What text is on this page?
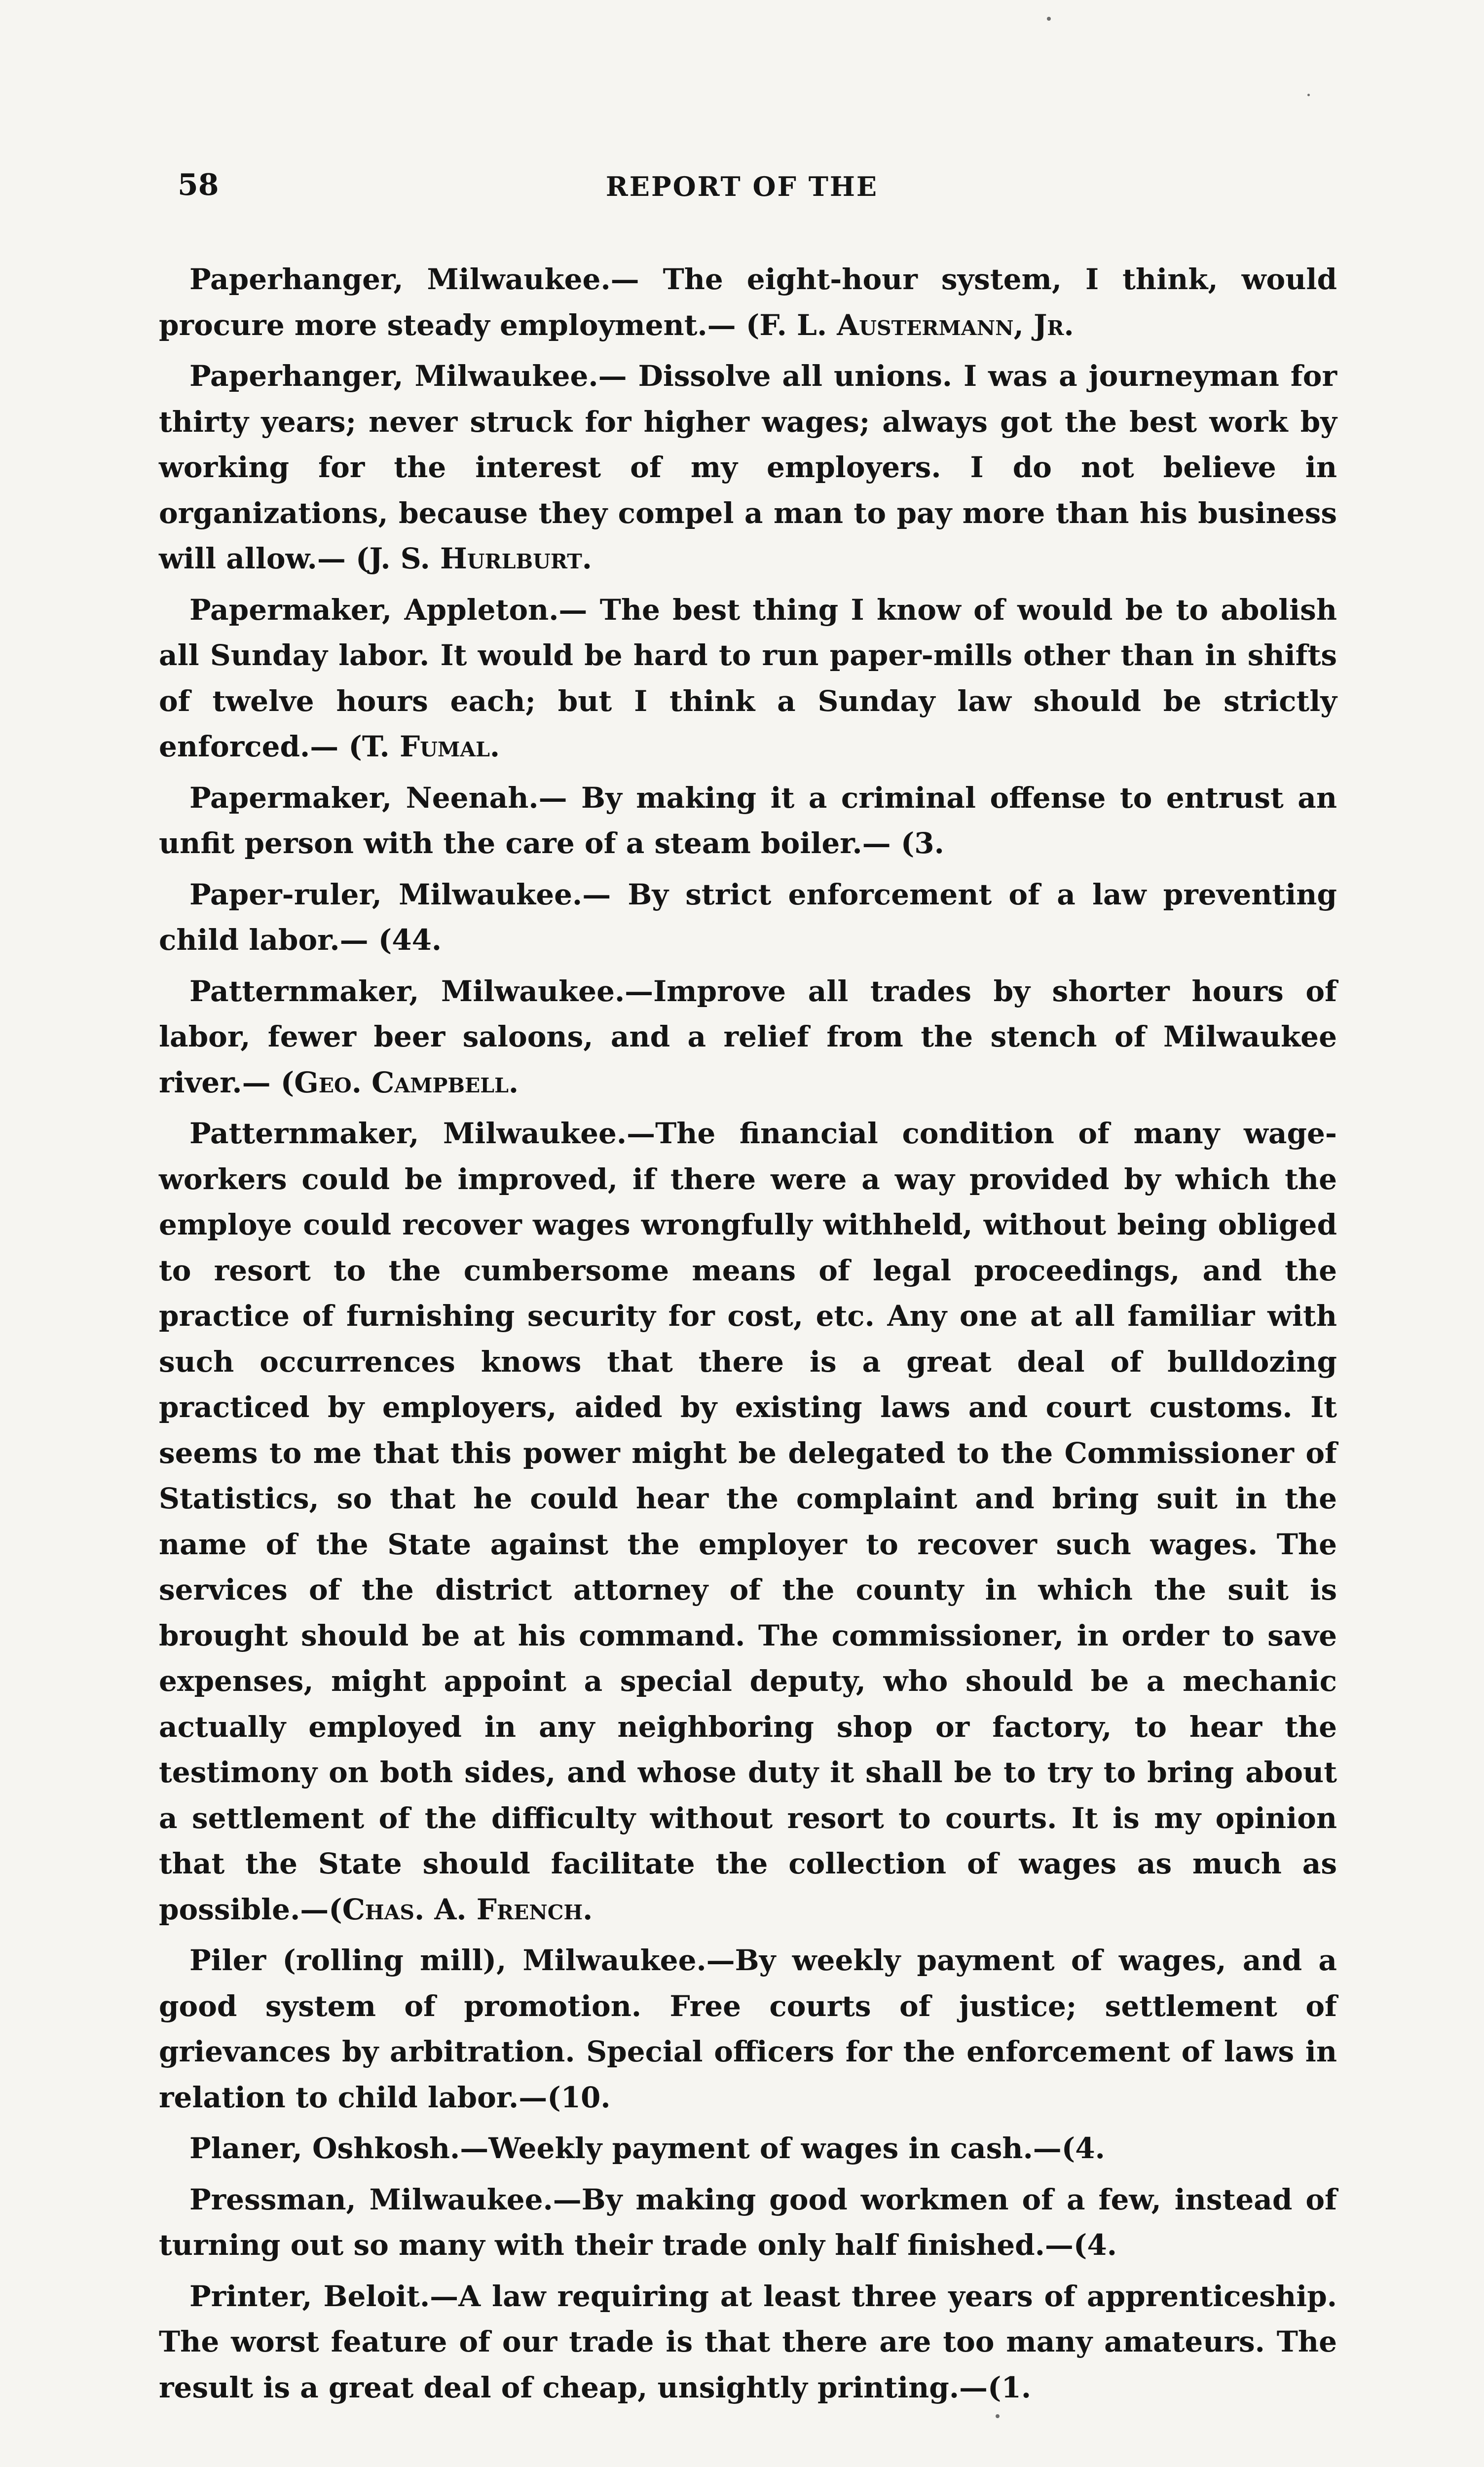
58	REPORT OF THE

Paperhanger, Milwaukee.— The eight-hour system, I think, would procure more steady employment.— (F. L. Austermann, Jr.

Paperhanger, Milwaukee.— Dissolve all unions. I was a journeyman for thirty years; never struck for higher wages; always got the best work by working for the interest of my employers. I do not believe in organizations, because they compel a man to pay more than his business will allow.— (J. S. Hurlburt.

Papermaker, Appleton.— The best thing I know of would be to abolish all Sunday labor. It would be hard to run paper-mills other than in shifts of twelve hours each; but I think a Sunday law should be strictly enforced.— (T. Fumal.

Papermaker, Neenah.— By making it a criminal offense to entrust an unfit person with the care of a steam boiler.— (3.

Paper-ruler, Milwaukee.— By strict enforcement of a law preventing child labor.— (44.

Patternmaker, Milwaukee.—Improve all trades by shorter hours of labor, fewer beer saloons, and a relief from the stench of Milwaukee river.— (Geo. Campbell.

Patternmaker, Milwaukee.—The financial condition of many wage-workers could be improved, if there were a way provided by which the employe could recover wages wrongfully withheld, without being obliged to resort to the cumbersome means of legal proceedings, and the practice of furnishing security for cost, etc. Any one at all familiar with such occurrences knows that there is a great deal of bulldozing practiced by employers, aided by existing laws and court customs. It seems to me that this power might be delegated to the Commissioner of Statistics, so that he could hear the complaint and bring suit in the name of the State against the employer to recover such wages. The services of the district attorney of the county in which the suit is brought should be at his command. The commissioner, in order to save expenses, might appoint a special deputy, who should be a mechanic actually employed in any neighboring shop or factory, to hear the testimony on both sides, and whose duty it shall be to try to bring about a settlement of the difficulty without resort to courts. It is my opinion that the State should facilitate the collection of wages as much as possible.—(Chas. A. French.

Piler (rolling mill), Milwaukee.—By weekly payment of wages, and a good system of promotion. Free courts of justice; settlement of grievances by arbitration. Special officers for the enforcement of laws in relation to child labor.—(10.

Planer, Oshkosh.—Weekly payment of wages in cash.—(4.

Pressman, Milwaukee.—By making good workmen of a few, instead of turning out so many with their trade only half finished.—(4.

Printer, Beloit.—A law requiring at least three years of apprenticeship. The worst feature of our trade is that there are too many amateurs. The result is a great deal of cheap, unsightly printing.—(1.
